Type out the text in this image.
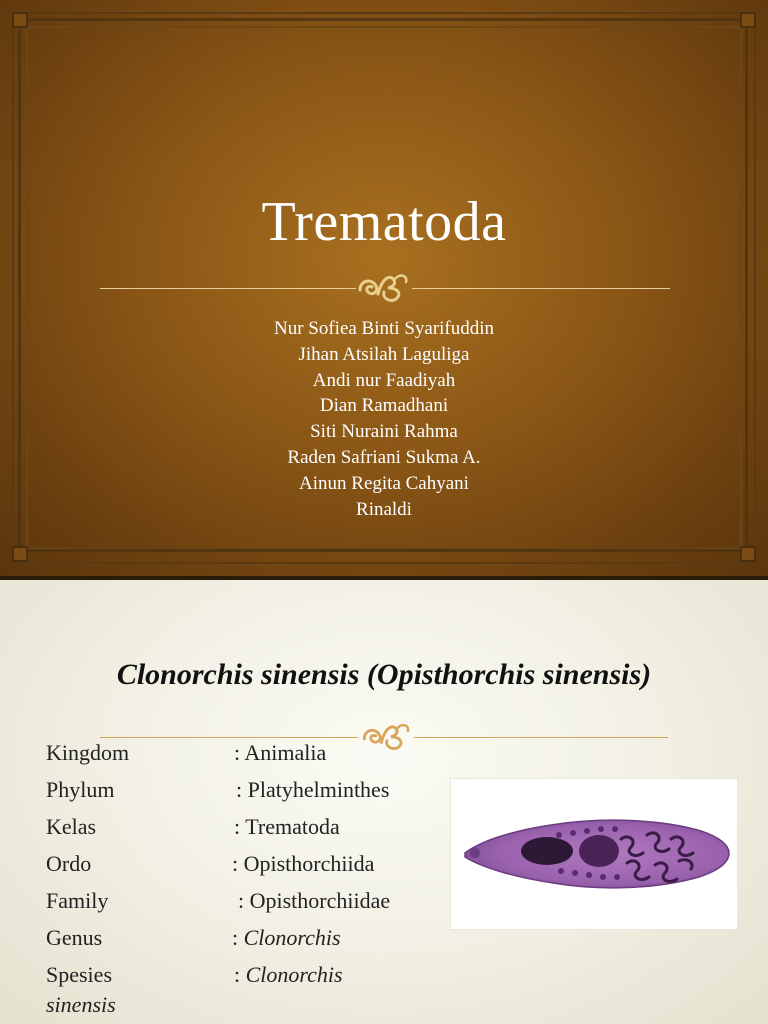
Trematoda
Nur Sofiea Binti Syarifuddin
Jihan Atsilah Laguliga
Andi nur Faadiyah
Dian Ramadhani
Siti Nuraini Rahma
Raden Safriani Sukma A.
Ainun Regita Cahyani
Rinaldi
Clonorchis sinensis (Opisthorchis sinensis)
Kingdom	: Animalia
Phylum	: Platyhelminthes
Kelas	: Trematoda
Ordo	: Opisthorchiida
Family	: Opisthorchiidae
Genus	: Clonorchis
Spesies	: Clonorchis
sinensis
